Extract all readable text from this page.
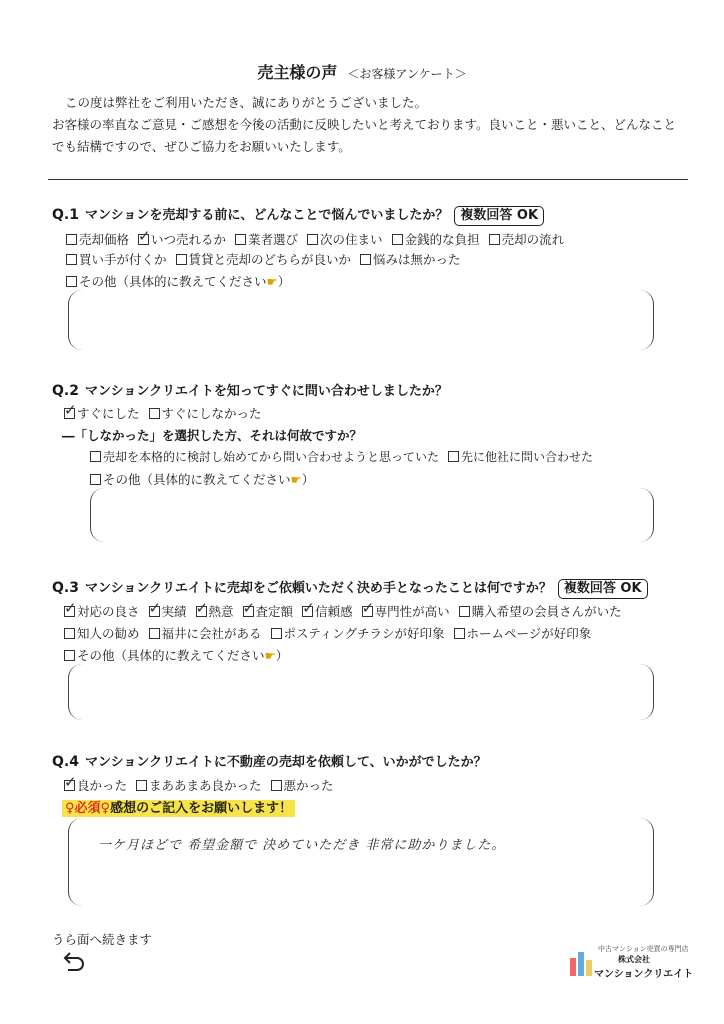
売主様の声 ＜お客様アンケート＞

この度は弊社をご利用いただき、誠にありがとうございました。

お客様の率直なご意見・ご感想を今後の活動に反映したいと考えております。良いこと・悪いこと、どんなこと

でも結構ですので、ぜひご協力をお願いいたします。

Q.1 マンションを売却する前に、どんなことで悩んでいましたか？ 複数回答 OK
売却価格 ✓ いつ売れるか 業者選び 次の住まい 金銭的な負担 売却の流れ
買い手が付くか 賃貸と売却のどちらが良いか 悩みは無かった
その他（具体的に教えてください☛）
Q.2 マンションクリエイトを知ってすぐに問い合わせしましたか？
✓ すぐにした すぐにしなかった
―「しなかった」を選択した方、それは何故ですか？
売却を本格的に検討し始めてから問い合わせようと思っていた 先に他社に問い合わせた
その他（具体的に教えてください☛）
Q.3 マンションクリエイトに売却をご依頼いただく決め手となったことは何ですか？ 複数回答 OK
✓ 対応の良さ ✓ 実績 ✓ 熱意 ✓ 査定額 ✓ 信頼感 ✓ 専門性が高い 購入希望の会員さんがいた
知人の勧め 福井に会社がある ポスティングチラシが好印象 ホームページが好印象
その他（具体的に教えてください☛）
Q.4 マンションクリエイトに不動産の売却を依頼して、いかがでしたか？
✓ 良かった まああまあ良かった 悪かった
♀必須♀感想のご記入をお願いします！
一ケ月ほどで 希望金額で 決めていただき 非常に助かりました。
うら面へ続きます
中古マンション売買の専門店
株式会社
マンションクリエイト
